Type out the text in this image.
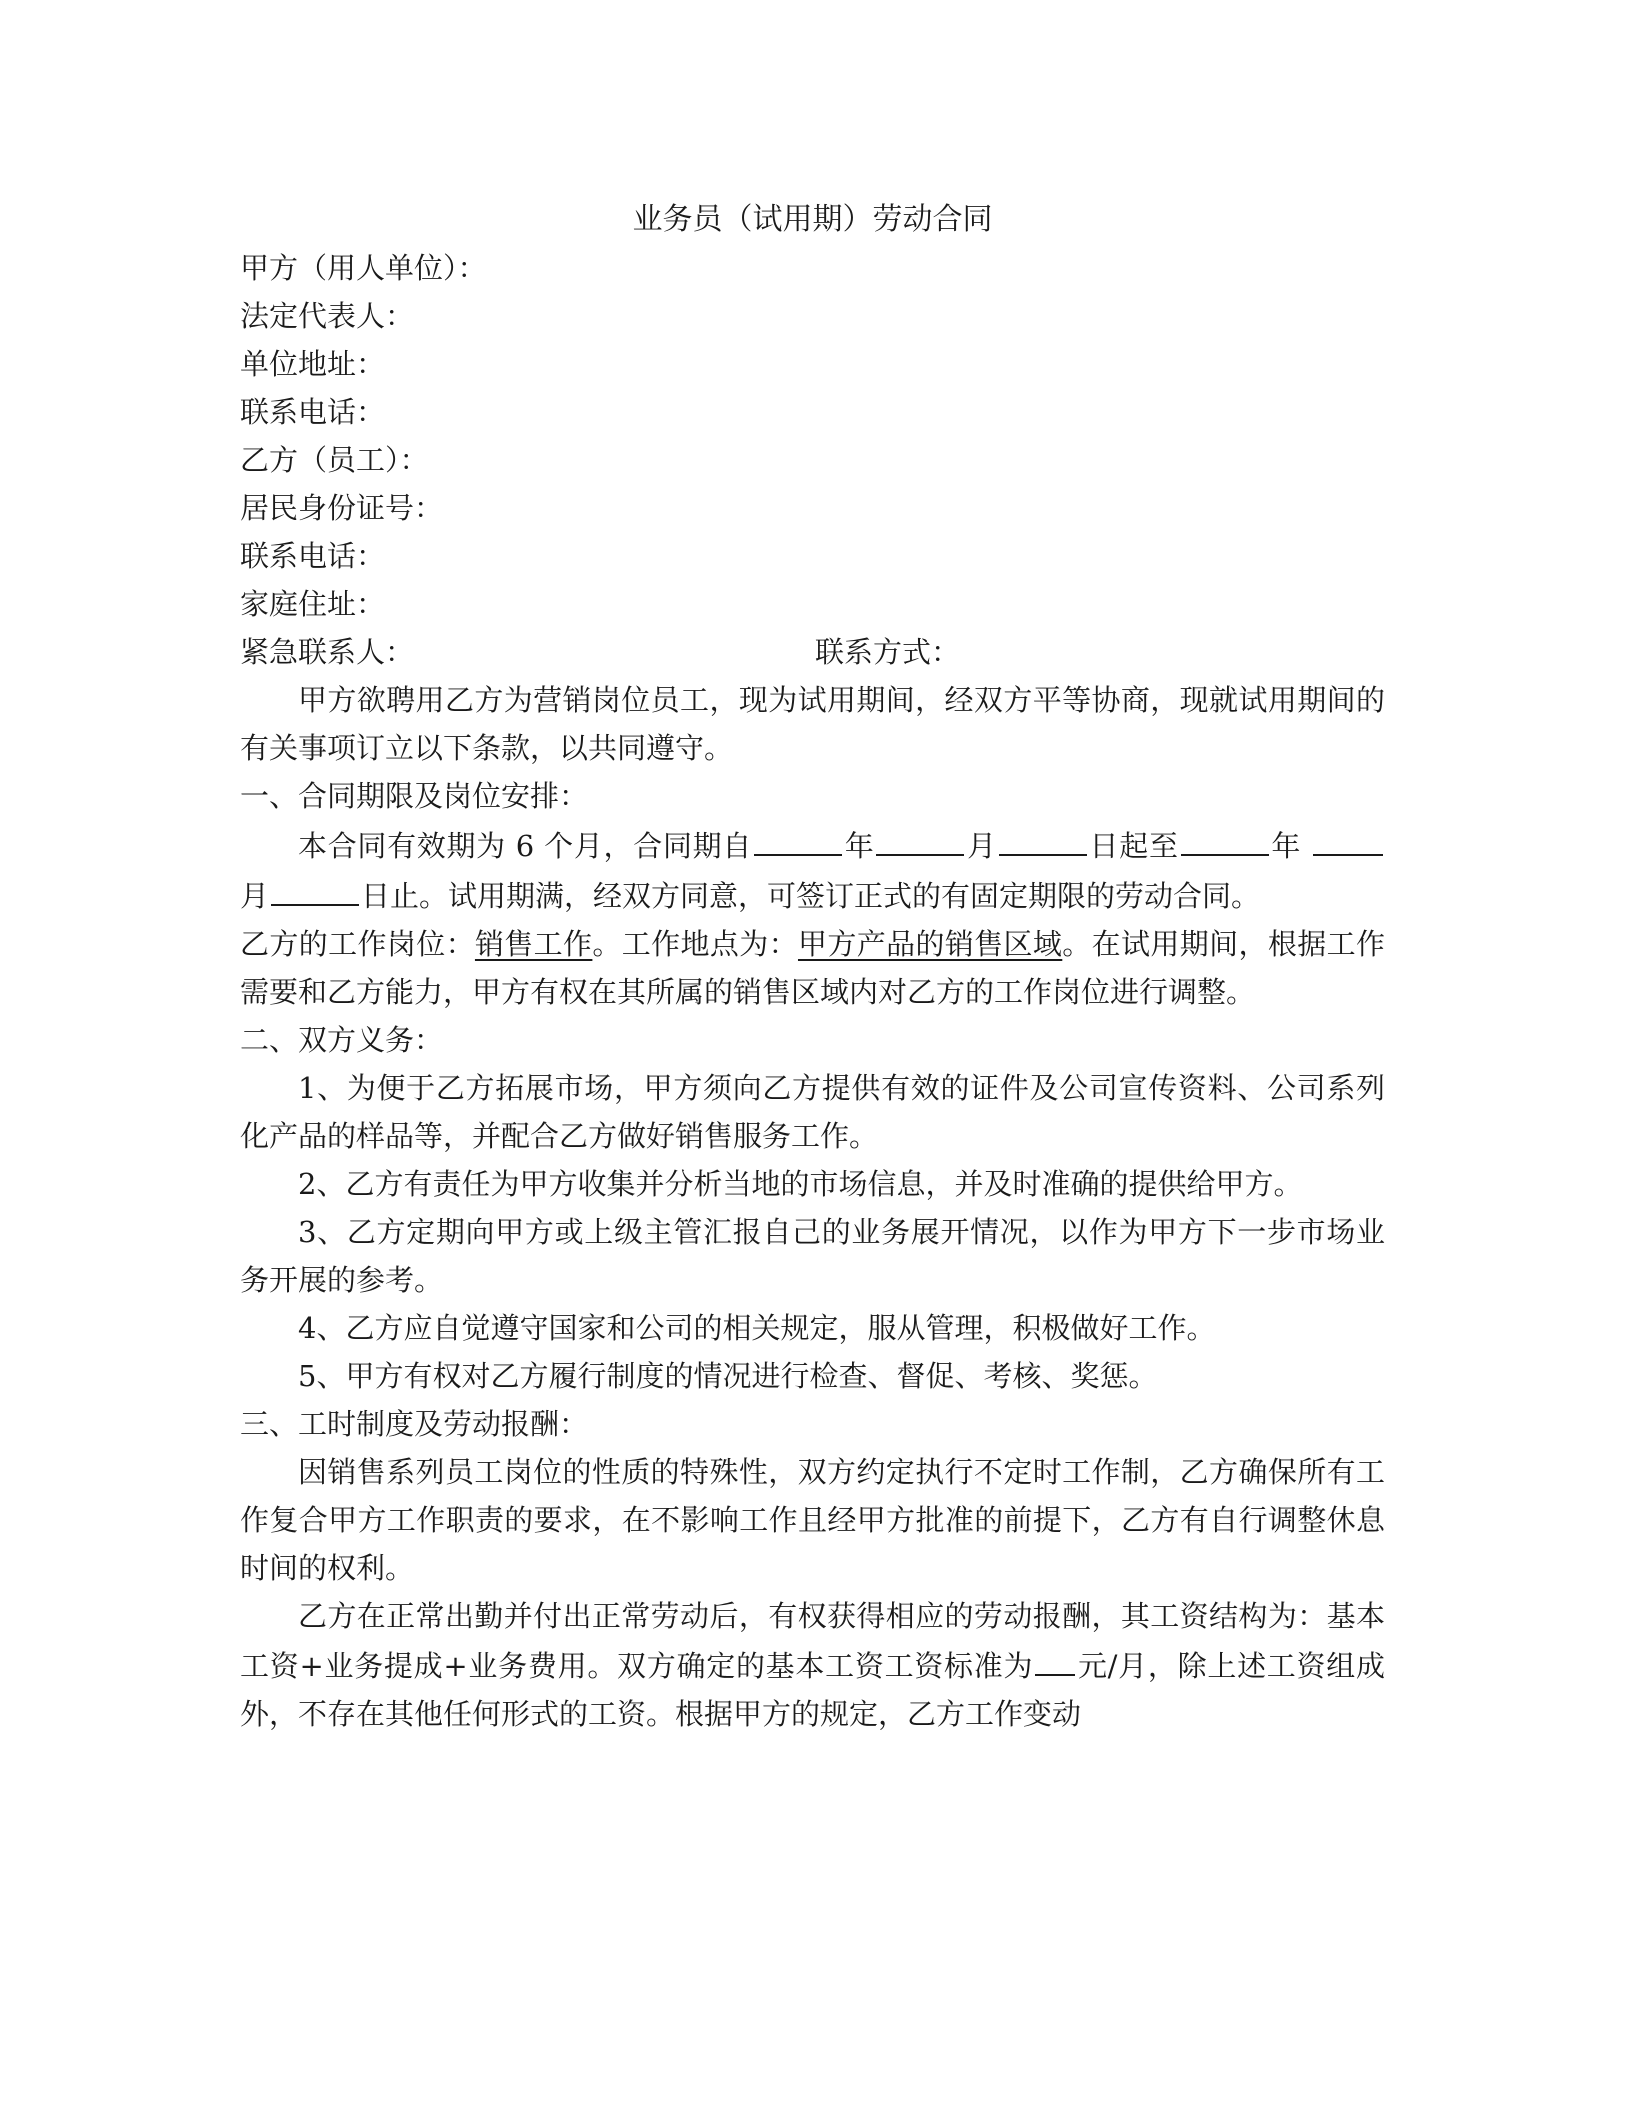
业务员（试用期）劳动合同

甲方（用人单位）：

法定代表人：

单位地址：

联系电话：

乙方（员工）：

居民身份证号：

联系电话：

家庭住址：

紧急联系人：	联系方式：

甲方欲聘用乙方为营销岗位员工，现为试用期间，经双方平等协商，现就试用期间的有关事项订立以下条款，以共同遵守。

一、合同期限及岗位安排：

本合同有效期为 6 个月，合同期自	年	月	日起至	年 月	日止。试用期满，经双方同意，可签订正式的有固定期限的劳动合同。

乙方的工作岗位：销售工作。工作地点为：甲方产品的销售区域。在试用期间，根据工作需要和乙方能力，甲方有权在其所属的销售区域内对乙方的工作岗位进行调整。

二、双方义务：

1、为便于乙方拓展市场，甲方须向乙方提供有效的证件及公司宣传资料、公司系列化产品的样品等，并配合乙方做好销售服务工作。

2、乙方有责任为甲方收集并分析当地的市场信息，并及时准确的提供给甲方。

3、乙方定期向甲方或上级主管汇报自己的业务展开情况，以作为甲方下一步市场业务开展的参考。

4、乙方应自觉遵守国家和公司的相关规定，服从管理，积极做好工作。

5、甲方有权对乙方履行制度的情况进行检查、督促、考核、奖惩。

三、工时制度及劳动报酬：

因销售系列员工岗位的性质的特殊性，双方约定执行不定时工作制，乙方确保所有工作复合甲方工作职责的要求，在不影响工作且经甲方批准的前提下，乙方有自行调整休息时间的权利。

乙方在正常出勤并付出正常劳动后，有权获得相应的劳动报酬，其工资结构为：基本工资+业务提成+业务费用。双方确定的基本工资工资标准为 元/月，除上述工资组成外，不存在其他任何形式的工资。根据甲方的规定，乙方工作变动
